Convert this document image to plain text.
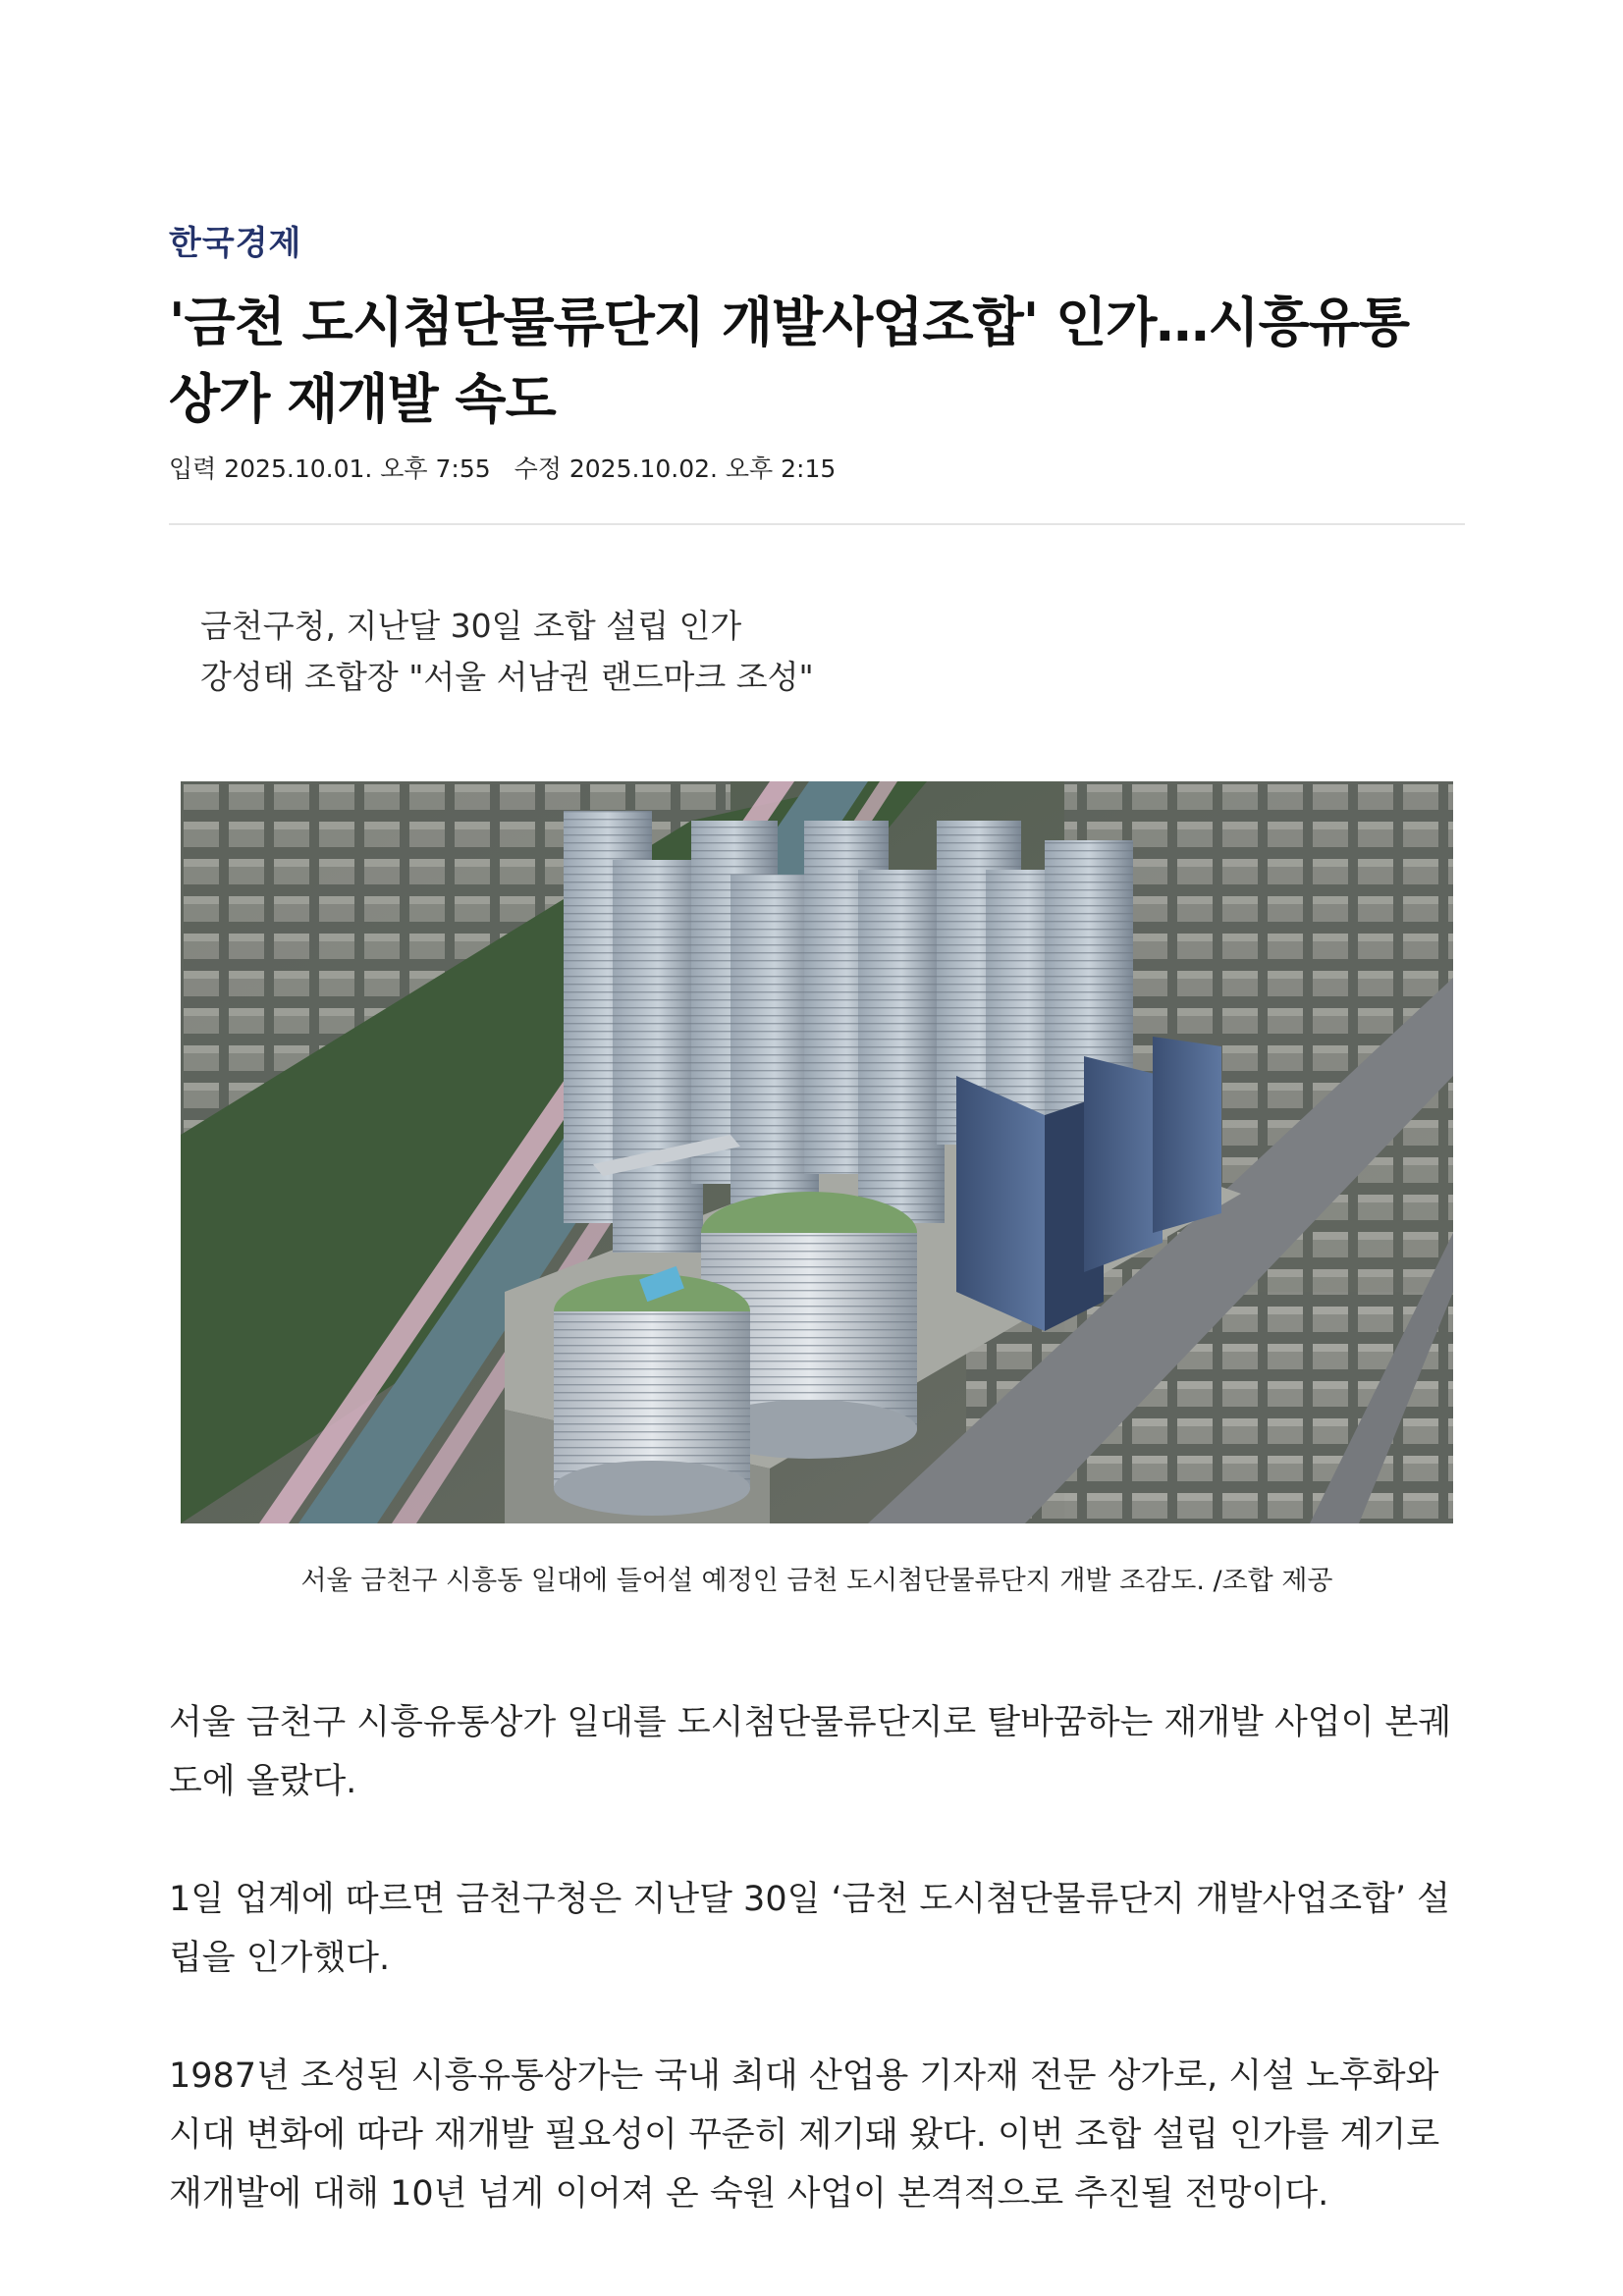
한국경제
'금천 도시첨단물류단지 개발사업조합' 인가…시흥유통
상가 재개발 속도
입력 2025.10.01. 오후 7:55 수정 2025.10.02. 오후 2:15
금천구청, 지난달 30일 조합 설립 인가
강성태 조합장 "서울 서남권 랜드마크 조성"
서울 금천구 시흥동 일대에 들어설 예정인 금천 도시첨단물류단지 개발 조감도. /조합 제공
서울 금천구 시흥유통상가 일대를 도시첨단물류단지로 탈바꿈하는 재개발 사업이 본궤
도에 올랐다.
1일 업계에 따르면 금천구청은 지난달 30일 ‘금천 도시첨단물류단지 개발사업조합’ 설
립을 인가했다.
1987년 조성된 시흥유통상가는 국내 최대 산업용 기자재 전문 상가로, 시설 노후화와
시대 변화에 따라 재개발 필요성이 꾸준히 제기돼 왔다. 이번 조합 설립 인가를 계기로
재개발에 대해 10년 넘게 이어져 온 숙원 사업이 본격적으로 추진될 전망이다.
